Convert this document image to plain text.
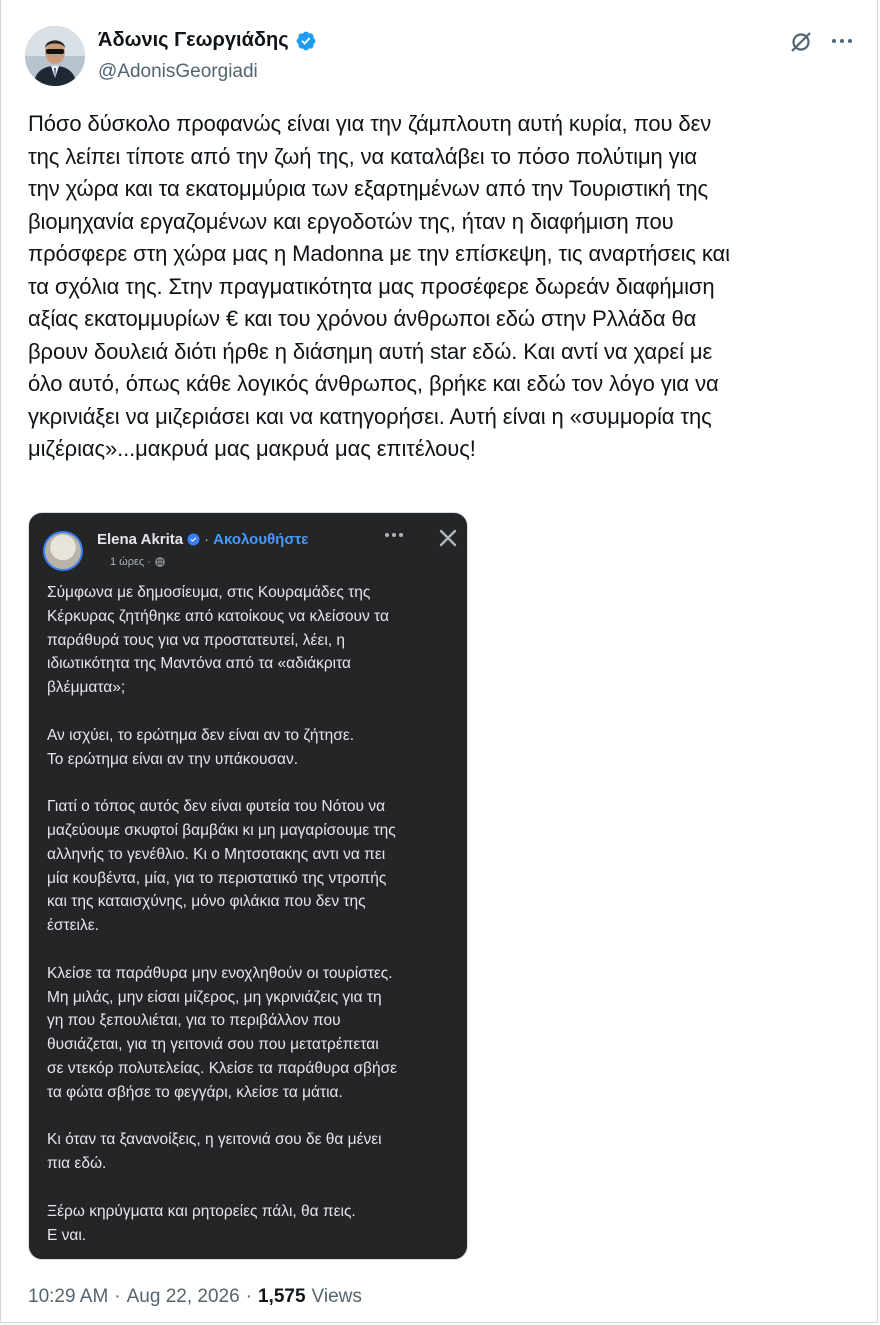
Άδωνις Γεωργιάδης
@AdonisGeorgiadi
Πόσο δύσκολο προφανώς είναι για την ζάμπλουτη αυτή κυρία, που δεν
της λείπει τίποτε από την ζωή της, να καταλάβει το πόσο πολύτιμη για
την χώρα και τα εκατομμύρια των εξαρτημένων από την Τουριστική της
βιομηχανία εργαζομένων και εργοδοτών της, ήταν η διαφήμιση που
πρόσφερε στη χώρα μας η Madonna με την επίσκεψη, τις αναρτήσεις και
τα σχόλια της. Στην πραγματικότητα μας προσέφερε δωρεάν διαφήμιση
αξίας εκατομμυρίων € και του χρόνου άνθρωποι εδώ στην Ρλλάδα θα
βρουν δουλειά διότι ήρθε η διάσημη αυτή star εδώ. Και αντί να χαρεί με
όλο αυτό, όπως κάθε λογικός άνθρωπος, βρήκε και εδώ τον λόγο για να
γκρινιάξει να μιζεριάσει και να κατηγορήσει. Αυτή είναι η «συμμορία της
μιζέριας»...μακρυά μας μακρυά μας επιτέλους!
Elena Akrita · Ακολουθήστε
1 ώρες ·

Σύμφωνα με δημοσίευμα, στις Κουραμάδες της
Κέρκυρας ζητήθηκε από κατοίκους να κλείσουν τα
παράθυρά τους για να προστατευτεί, λέει, η
ιδιωτικότητα της Μαντόνα από τα «αδιάκριτα
βλέμματα»;

Αν ισχύει, το ερώτημα δεν είναι αν το ζήτησε.
Το ερώτημα είναι αν την υπάκουσαν.

Γιατί ο τόπος αυτός δεν είναι φυτεία του Νότου να
μαζεύουμε σκυφτοί βαμβάκι κι μη μαγαρίσουμε της
αλληνής το γενέθλιο. Κι ο Μητσοτακης αντι να πει
μία κουβέντα, μία, για το περιστατικό της ντροπής
και της καταισχύνης, μόνο φιλάκια που δεν της
έστειλε.

Κλείσε τα παράθυρα μην ενοχληθούν οι τουρίστες.
Μη μιλάς, μην είσαι μίζερος, μη γκρινιάζεις για τη
γη που ξεπουλιέται, για το περιβάλλον που
θυσιάζεται, για τη γειτονιά σου που μετατρέπεται
σε ντεκόρ πολυτελείας. Κλείσε τα παράθυρα σβήσε
τα φώτα σβήσε το φεγγάρι, κλείσε τα μάτια.

Κι όταν τα ξανανοίξεις, η γειτονιά σου δε θα μένει
πια εδώ.

Ξέρω κηρύγματα και ρητορείες πάλι, θα πεις.
Ε ναι.

10:29 AM · Aug 22, 2026 · 1,575 Views
